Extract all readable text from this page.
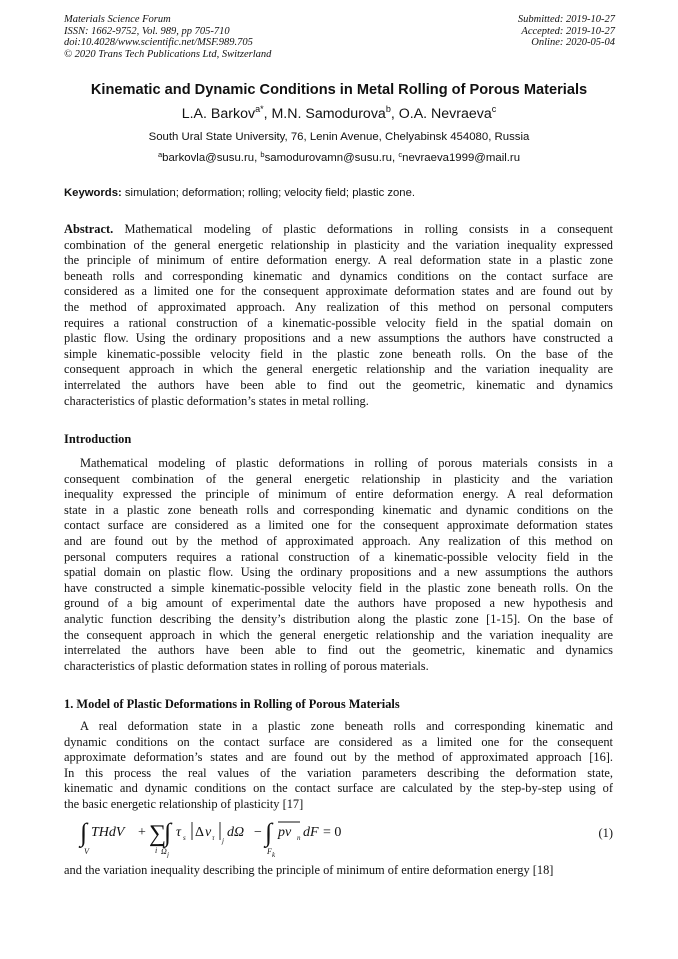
Materials Science Forum
ISSN: 1662-9752, Vol. 989, pp 705-710
doi:10.4028/www.scientific.net/MSF.989.705
© 2020 Trans Tech Publications Ltd, Switzerland
Submitted: 2019-10-27
Accepted: 2019-10-27
Online: 2020-05-04
Kinematic and Dynamic Conditions in Metal Rolling of Porous Materials
L.A. Barkov$^{a*}$, M.N. Samodurova$^b$, O.A. Nevraeva$^c$
South Ural State University, 76, Lenin Avenue, Chelyabinsk 454080, Russia
$^a$barkovla@susu.ru, $^b$samodurovamn@susu.ru, $^c$nevraeva1999@mail.ru
Keywords: simulation; deformation; rolling; velocity field; plastic zone.
Abstract. Mathematical modeling of plastic deformations in rolling consists in a consequent
combination of the general energetic relationship in plasticity and the variation inequality expressed
the principle of minimum of entire deformation energy. A real deformation state in a plastic zone
beneath rolls and corresponding kinematic and dynamics conditions on the contact surface are
considered as a limited one for the consequent approximate deformation states and are found out by
the method of approximated approach. Any realization of this method on personal computers
requires a rational construction of a kinematic-possible velocity field in the spatial domain on
plastic flow. Using the ordinary propositions and a new assumptions the authors have constructed a
simple kinematic-possible velocity field in the plastic zone beneath rolls. On the base of the
consequent approach in which the general energetic relationship and the variation inequality are
interrelated the authors have been able to find out the geometric, kinematic and dynamics
characteristics of plastic deformation’s states in metal rolling.
Introduction
Mathematical modeling of plastic deformations in rolling of porous materials consists in a
consequent combination of the general energetic relationship in plasticity and the variation
inequality expressed the principle of minimum of entire deformation energy. A real deformation
state in a plastic zone beneath rolls and corresponding kinematic and dynamic conditions on the
contact surface are considered as a limited one for the consequent approximate deformation states
and are found out by the method of approximated approach. Any realization of this method on
personal computers requires a rational construction of a kinematic-possible velocity field in the
spatial domain on plastic flow. Using the ordinary propositions and a new assumptions the authors
have constructed a simple kinematic-possible velocity field in the plastic zone beneath rolls. On the
ground of a big amount of experimental date the authors have proposed a new hypothesis and
analytic function describing the density’s distribution along the plastic zone [1-15]. On the base of
the consequent approach in which the general energetic relationship and the variation inequality are
interrelated the authors have been able to find out the geometric, kinematic and dynamics
characteristics of plastic deformation states in rolling of porous materials.
1. Model of Plastic Deformations in Rolling of Porous Materials
A real deformation state in a plastic zone beneath rolls and corresponding kinematic and
dynamic conditions on the contact surface are considered as a limited one for the consequent
approximate deformation’s states and are found out by the method of approximated approach [16].
In this process the real values of the variation parameters describing the deformation state,
kinematic and dynamic conditions on the contact surface are calculated by the step-by-step using of
the basic energetic relationship of plasticity [17]
∫
V
THdV + ∑
i
∫
Ω j
τ s Δ v τ j
dΩ − ∫
F k
pv n dF = 0	(1)
and the variation inequality describing the principle of minimum of entire deformation energy [18]
